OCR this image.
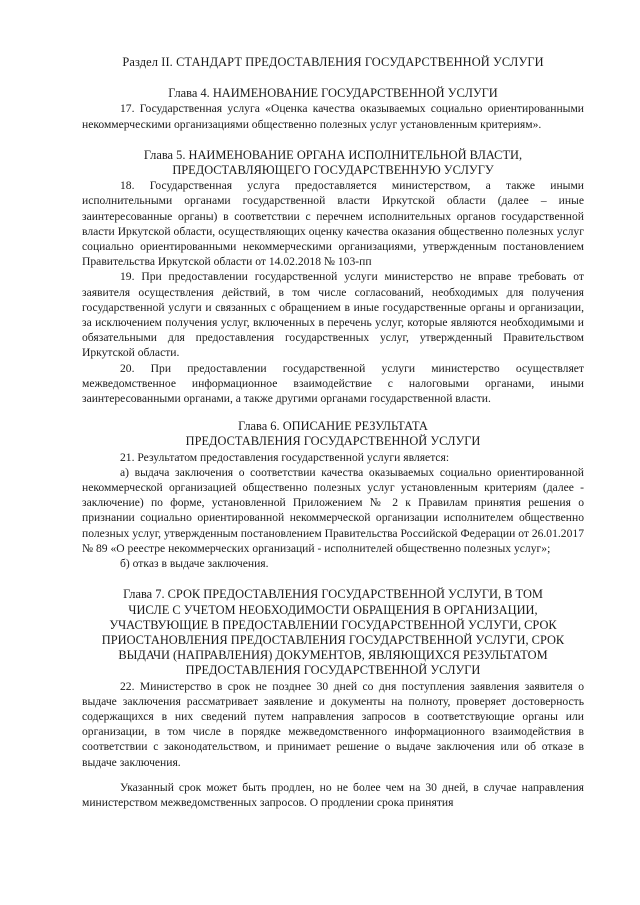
Раздел II. СТАНДАРТ ПРЕДОСТАВЛЕНИЯ ГОСУДАРСТВЕННОЙ УСЛУГИ
Глава 4. НАИМЕНОВАНИЕ ГОСУДАРСТВЕННОЙ УСЛУГИ

17. Государственная услуга «Оценка качества оказываемых социально ориентированными некоммерческими организациями общественно полезных услуг установленным критериям».

Глава 5. НАИМЕНОВАНИЕ ОРГАНА ИСПОЛНИТЕЛЬНОЙ ВЛАСТИ,
ПРЕДОСТАВЛЯЮЩЕГО ГОСУДАРСТВЕННУЮ УСЛУГУ

18. Государственная услуга предоставляется министерством, а также иными исполнительными органами государственной власти Иркутской области (далее – иные заинтересованные органы) в соответствии с перечнем исполнительных органов государственной власти Иркутской области, осуществляющих оценку качества оказания общественно полезных услуг социально ориентированными некоммерческими организациями, утвержденным постановлением Правительства Иркутской области от 14.02.2018 № 103-пп

19. При предоставлении государственной услуги министерство не вправе требовать от заявителя осуществления действий, в том числе согласований, необходимых для получения государственной услуги и связанных с обращением в иные государственные органы и организации, за исключением получения услуг, включенных в перечень услуг, которые являются необходимыми и обязательными для предоставления государственных услуг, утвержденный Правительством Иркутской области.

20. При предоставлении государственной услуги министерство осуществляет межведомственное информационное взаимодействие с налоговыми органами, иными заинтересованными органами, а также другими органами государственной власти.

Глава 6. ОПИСАНИЕ РЕЗУЛЬТАТА
ПРЕДОСТАВЛЕНИЯ ГОСУДАРСТВЕННОЙ УСЛУГИ

21. Результатом предоставления государственной услуги является:

а) выдача заключения о соответствии качества оказываемых социально ориентированной некоммерческой организацией общественно полезных услуг установленным критериям (далее - заключение) по форме, установленной Приложением № 2 к Правилам принятия решения о признании социально ориентированной некоммерческой организации исполнителем общественно полезных услуг, утвержденным постановлением Правительства Российской Федерации от 26.01.2017 № 89 «О реестре некоммерческих организаций - исполнителей общественно полезных услуг»;

б) отказ в выдаче заключения.

Глава 7. СРОК ПРЕДОСТАВЛЕНИЯ ГОСУДАРСТВЕННОЙ УСЛУГИ, В ТОМ
ЧИСЛЕ С УЧЕТОМ НЕОБХОДИМОСТИ ОБРАЩЕНИЯ В ОРГАНИЗАЦИИ,
УЧАСТВУЮЩИЕ В ПРЕДОСТАВЛЕНИИ ГОСУДАРСТВЕННОЙ УСЛУГИ, СРОК
ПРИОСТАНОВЛЕНИЯ ПРЕДОСТАВЛЕНИЯ ГОСУДАРСТВЕННОЙ УСЛУГИ, СРОК
ВЫДАЧИ (НАПРАВЛЕНИЯ) ДОКУМЕНТОВ, ЯВЛЯЮЩИХСЯ РЕЗУЛЬТАТОМ
ПРЕДОСТАВЛЕНИЯ ГОСУДАРСТВЕННОЙ УСЛУГИ

22. Министерство в срок не позднее 30 дней со дня поступления заявления заявителя о выдаче заключения рассматривает заявление и документы на полноту, проверяет достоверность содержащихся в них сведений путем направления запросов в соответствующие органы или организации, в том числе в порядке межведомственного информационного взаимодействия в соответствии с законодательством, и принимает решение о выдаче заключения или об отказе в выдаче заключения.

Указанный срок может быть продлен, но не более чем на 30 дней, в случае направления министерством межведомственных запросов. О продлении срока принятия
